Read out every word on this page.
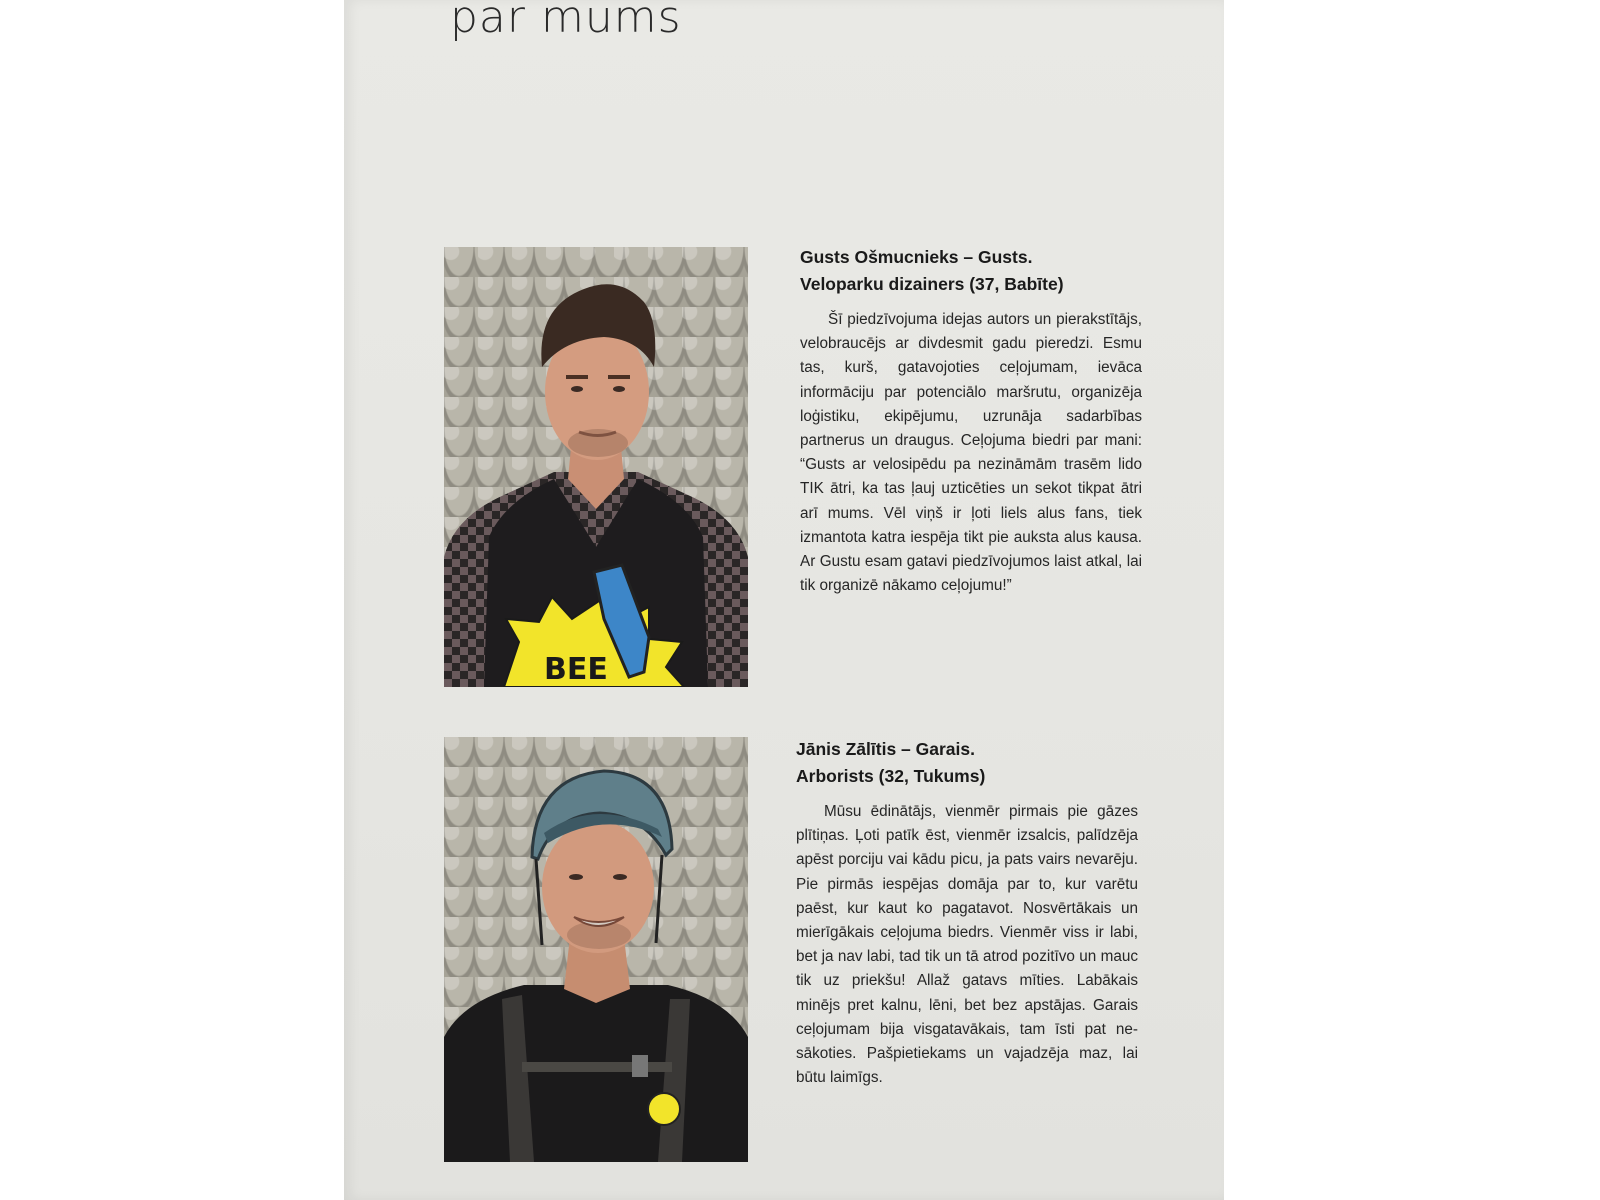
par mums
BEE

Gusts Ošmucnieks – Gusts.

Veloparku dizainers (37, Babīte)

Šī piedzīvojuma idejas autors un pierakstītājs, velobraucējs ar divdesmit gadu pieredzi. Esmu tas, kurš, gatavojoties ceļojumam, ievāca informāciju par potenciālo maršrutu, organizēja loģistiku, ekipējumu, uzrunāja sadarbības partnerus un draugus. Ceļojuma biedri par mani: “Gusts ar velosipēdu pa nezināmām trasēm lido TIK ātri, ka tas ļauj uzticēties un sekot tikpat ātri arī mums. Vēl viņš ir ļoti liels alus fans, tiek izmantota katra iespēja tikt pie auksta alus kausa. Ar Gustu esam gatavi piedzīvojumos laist atkal, lai tik organizē nākamo ceļojumu!”

Jānis Zālītis – Garais.

Arborists (32, Tukums)

Mūsu ēdinātājs, vienmēr pirmais pie gāzes plītiņas. Ļoti patīk ēst, vienmēr izsalcis, palīdzēja apēst porciju vai kādu picu, ja pats vairs nevarēju. Pie pirmās iespējas domāja par to, kur varētu paēst, kur kaut ko pagatavot. Nosvērtākais un mierīgākais ceļojuma biedrs. Vienmēr viss ir labi, bet ja nav labi, tad tik un tā atrod pozitīvo un mauc tik uz priekšu! Allaž gatavs mīties. Labākais minējs pret kalnu, lēni, bet bez apstājas. Garais ceļojumam bija visgatavākais, tam īsti pat nesākoties. Pašpietiekams un vajadzēja maz, lai būtu laimīgs.
